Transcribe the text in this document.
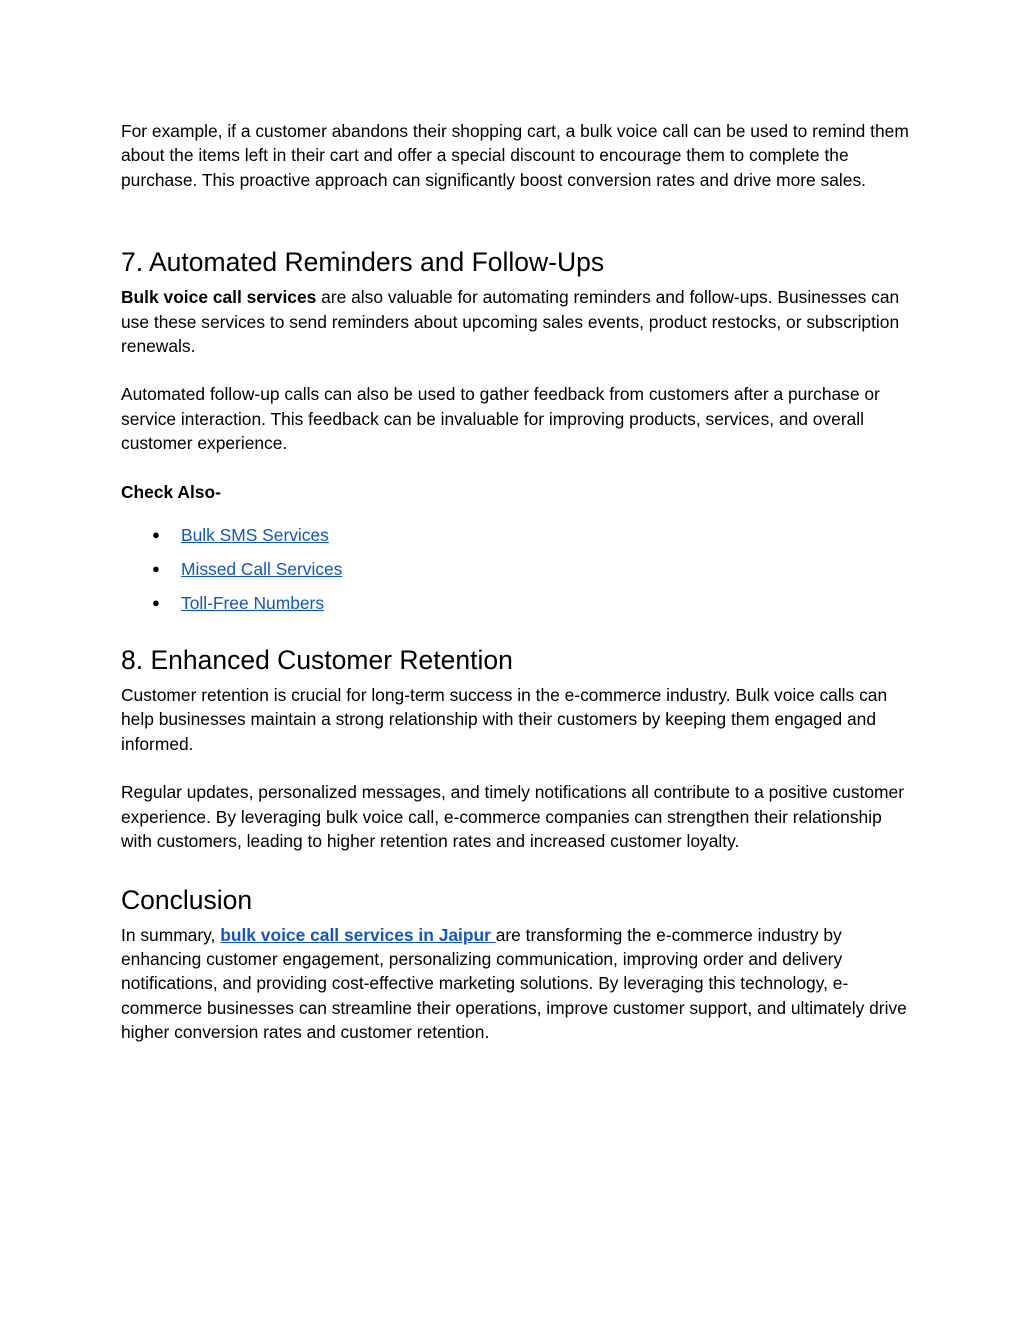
For example, if a customer abandons their shopping cart, a bulk voice call can be used to remind them about the items left in their cart and offer a special discount to encourage them to complete the purchase. This proactive approach can significantly boost conversion rates and drive more sales.

7. Automated Reminders and Follow-Ups

Bulk voice call services are also valuable for automating reminders and follow-ups. Businesses can use these services to send reminders about upcoming sales events, product restocks, or subscription renewals.

Automated follow-up calls can also be used to gather feedback from customers after a purchase or service interaction. This feedback can be invaluable for improving products, services, and overall customer experience.

Check Also-

● Bulk SMS Services
● Missed Call Services
● Toll-Free Numbers
8. Enhanced Customer Retention

Customer retention is crucial for long-term success in the e-commerce industry. Bulk voice calls can help businesses maintain a strong relationship with their customers by keeping them engaged and informed.

Regular updates, personalized messages, and timely notifications all contribute to a positive customer experience. By leveraging bulk voice call, e-commerce companies can strengthen their relationship with customers, leading to higher retention rates and increased customer loyalty.

Conclusion

In summary, bulk voice call services in Jaipur are transforming the e-commerce industry by enhancing customer engagement, personalizing communication, improving order and delivery notifications, and providing cost-effective marketing solutions. By leveraging this technology, e-commerce businesses can streamline their operations, improve customer support, and ultimately drive higher conversion rates and customer retention.
